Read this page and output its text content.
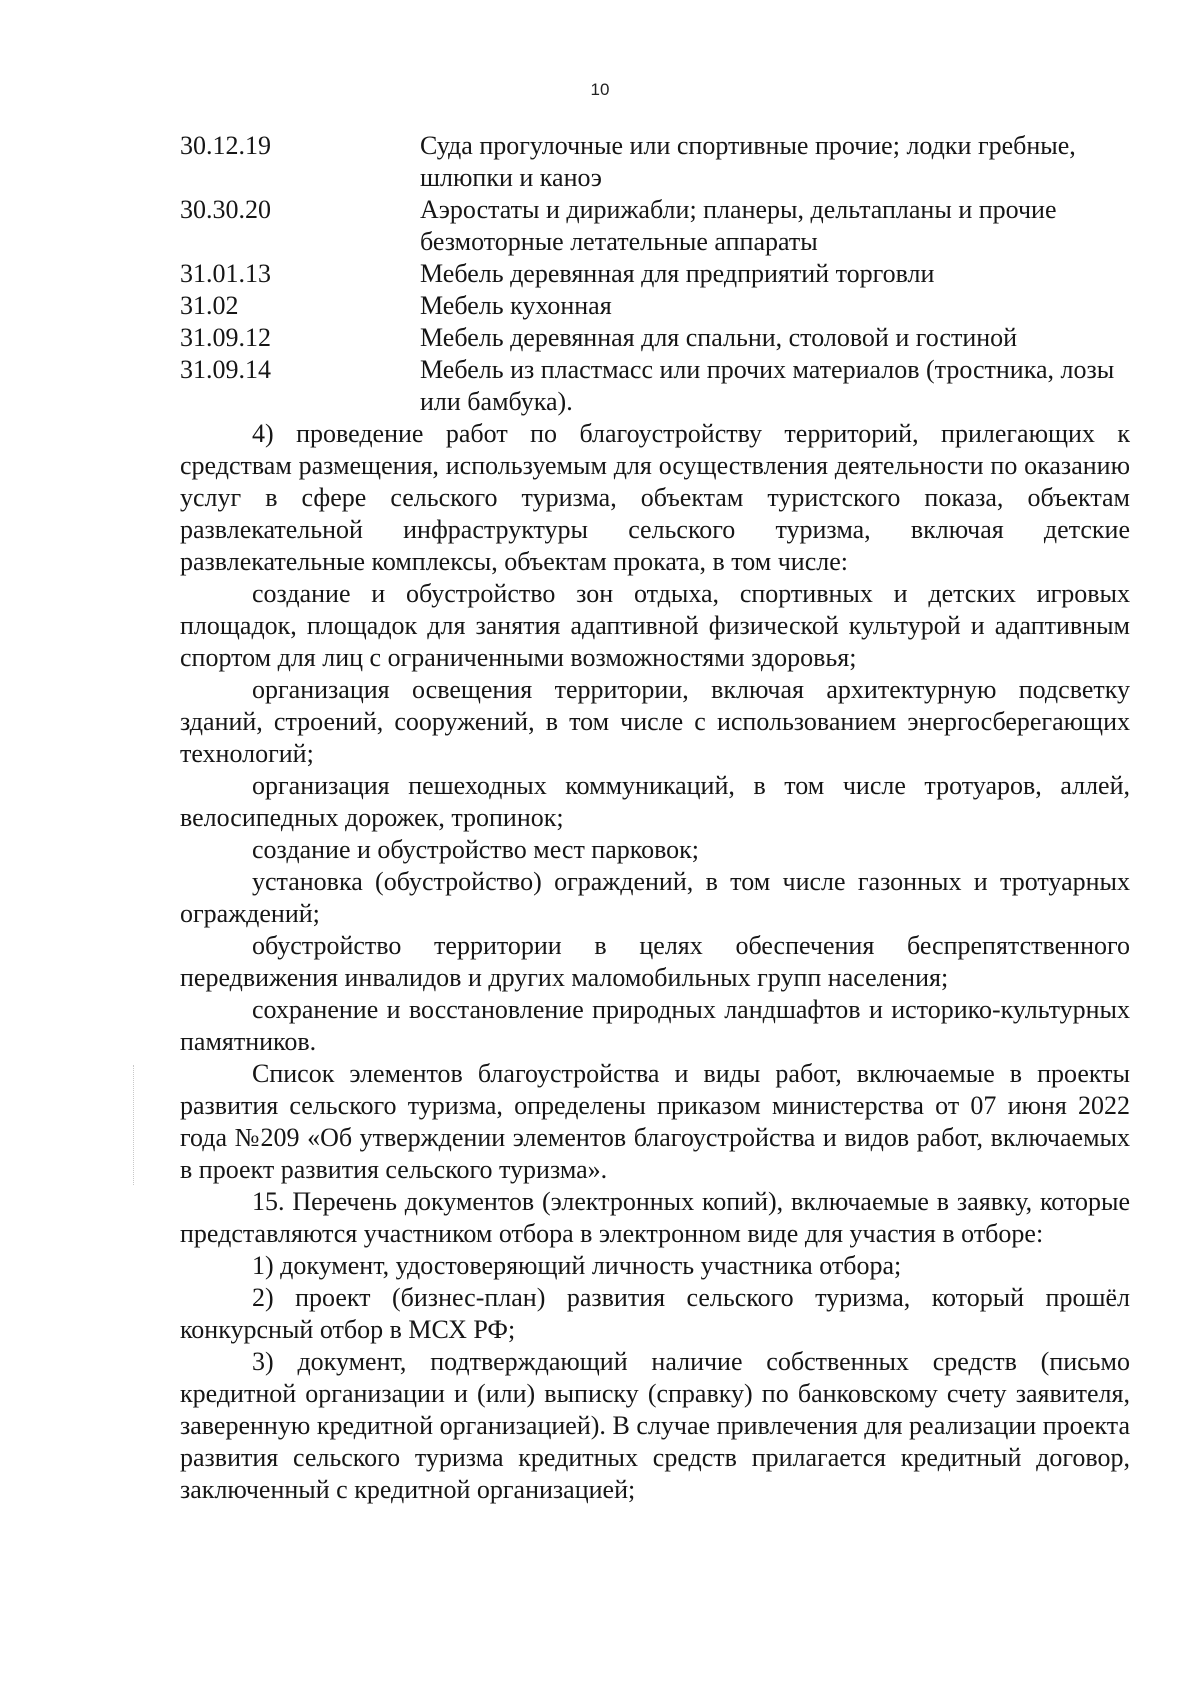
10
30.12.19	Суда прогулочные или спортивные прочие; лодки гребные, шлюпки и каноэ
30.30.20	Аэростаты и дирижабли; планеры, дельтапланы и прочие безмоторные летательные аппараты
31.01.13	Мебель деревянная для предприятий торговли
31.02	Мебель кухонная
31.09.12	Мебель деревянная для спальни, столовой и гостиной
31.09.14	Мебель из пластмасс или прочих материалов (тростника, лозы или бамбука).

4) проведение работ по благоустройству территорий, прилегающих к средствам размещения, используемым для осуществления деятельности по оказанию услуг в сфере сельского туризма, объектам туристского показа, объектам развлекательной инфраструктуры сельского туризма, включая детские развлекательные комплексы, объектам проката, в том числе:

создание и обустройство зон отдыха, спортивных и детских игровых площадок, площадок для занятия адаптивной физической культурой и адаптивным спортом для лиц с ограниченными возможностями здоровья;

организация освещения территории, включая архитектурную подсветку зданий, строений, сооружений, в том числе с использованием энергосберегающих технологий;

организация пешеходных коммуникаций, в том числе тротуаров, аллей, велосипедных дорожек, тропинок;

создание и обустройство мест парковок;

установка (обустройство) ограждений, в том числе газонных и тротуарных ограждений;

обустройство территории в целях обеспечения беспрепятственного передвижения инвалидов и других маломобильных групп населения;

сохранение и восстановление природных ландшафтов и историко-культурных памятников.

Список элементов благоустройства и виды работ, включаемые в проекты развития сельского туризма, определены приказом министерства от 07 июня 2022 года №209 «Об утверждении элементов благоустройства и видов работ, включаемых в проект развития сельского туризма».

15. Перечень документов (электронных копий), включаемые в заявку, которые представляются участником отбора в электронном виде для участия в отборе:

1) документ, удостоверяющий личность участника отбора;

2) проект (бизнес-план) развития сельского туризма, который прошёл конкурсный отбор в МСХ РФ;

3) документ, подтверждающий наличие собственных средств (письмо кредитной организации и (или) выписку (справку) по банковскому счету заявителя, заверенную кредитной организацией). В случае привлечения для реализации проекта развития сельского туризма кредитных средств прилагается кредитный договор, заключенный с кредитной организацией;
